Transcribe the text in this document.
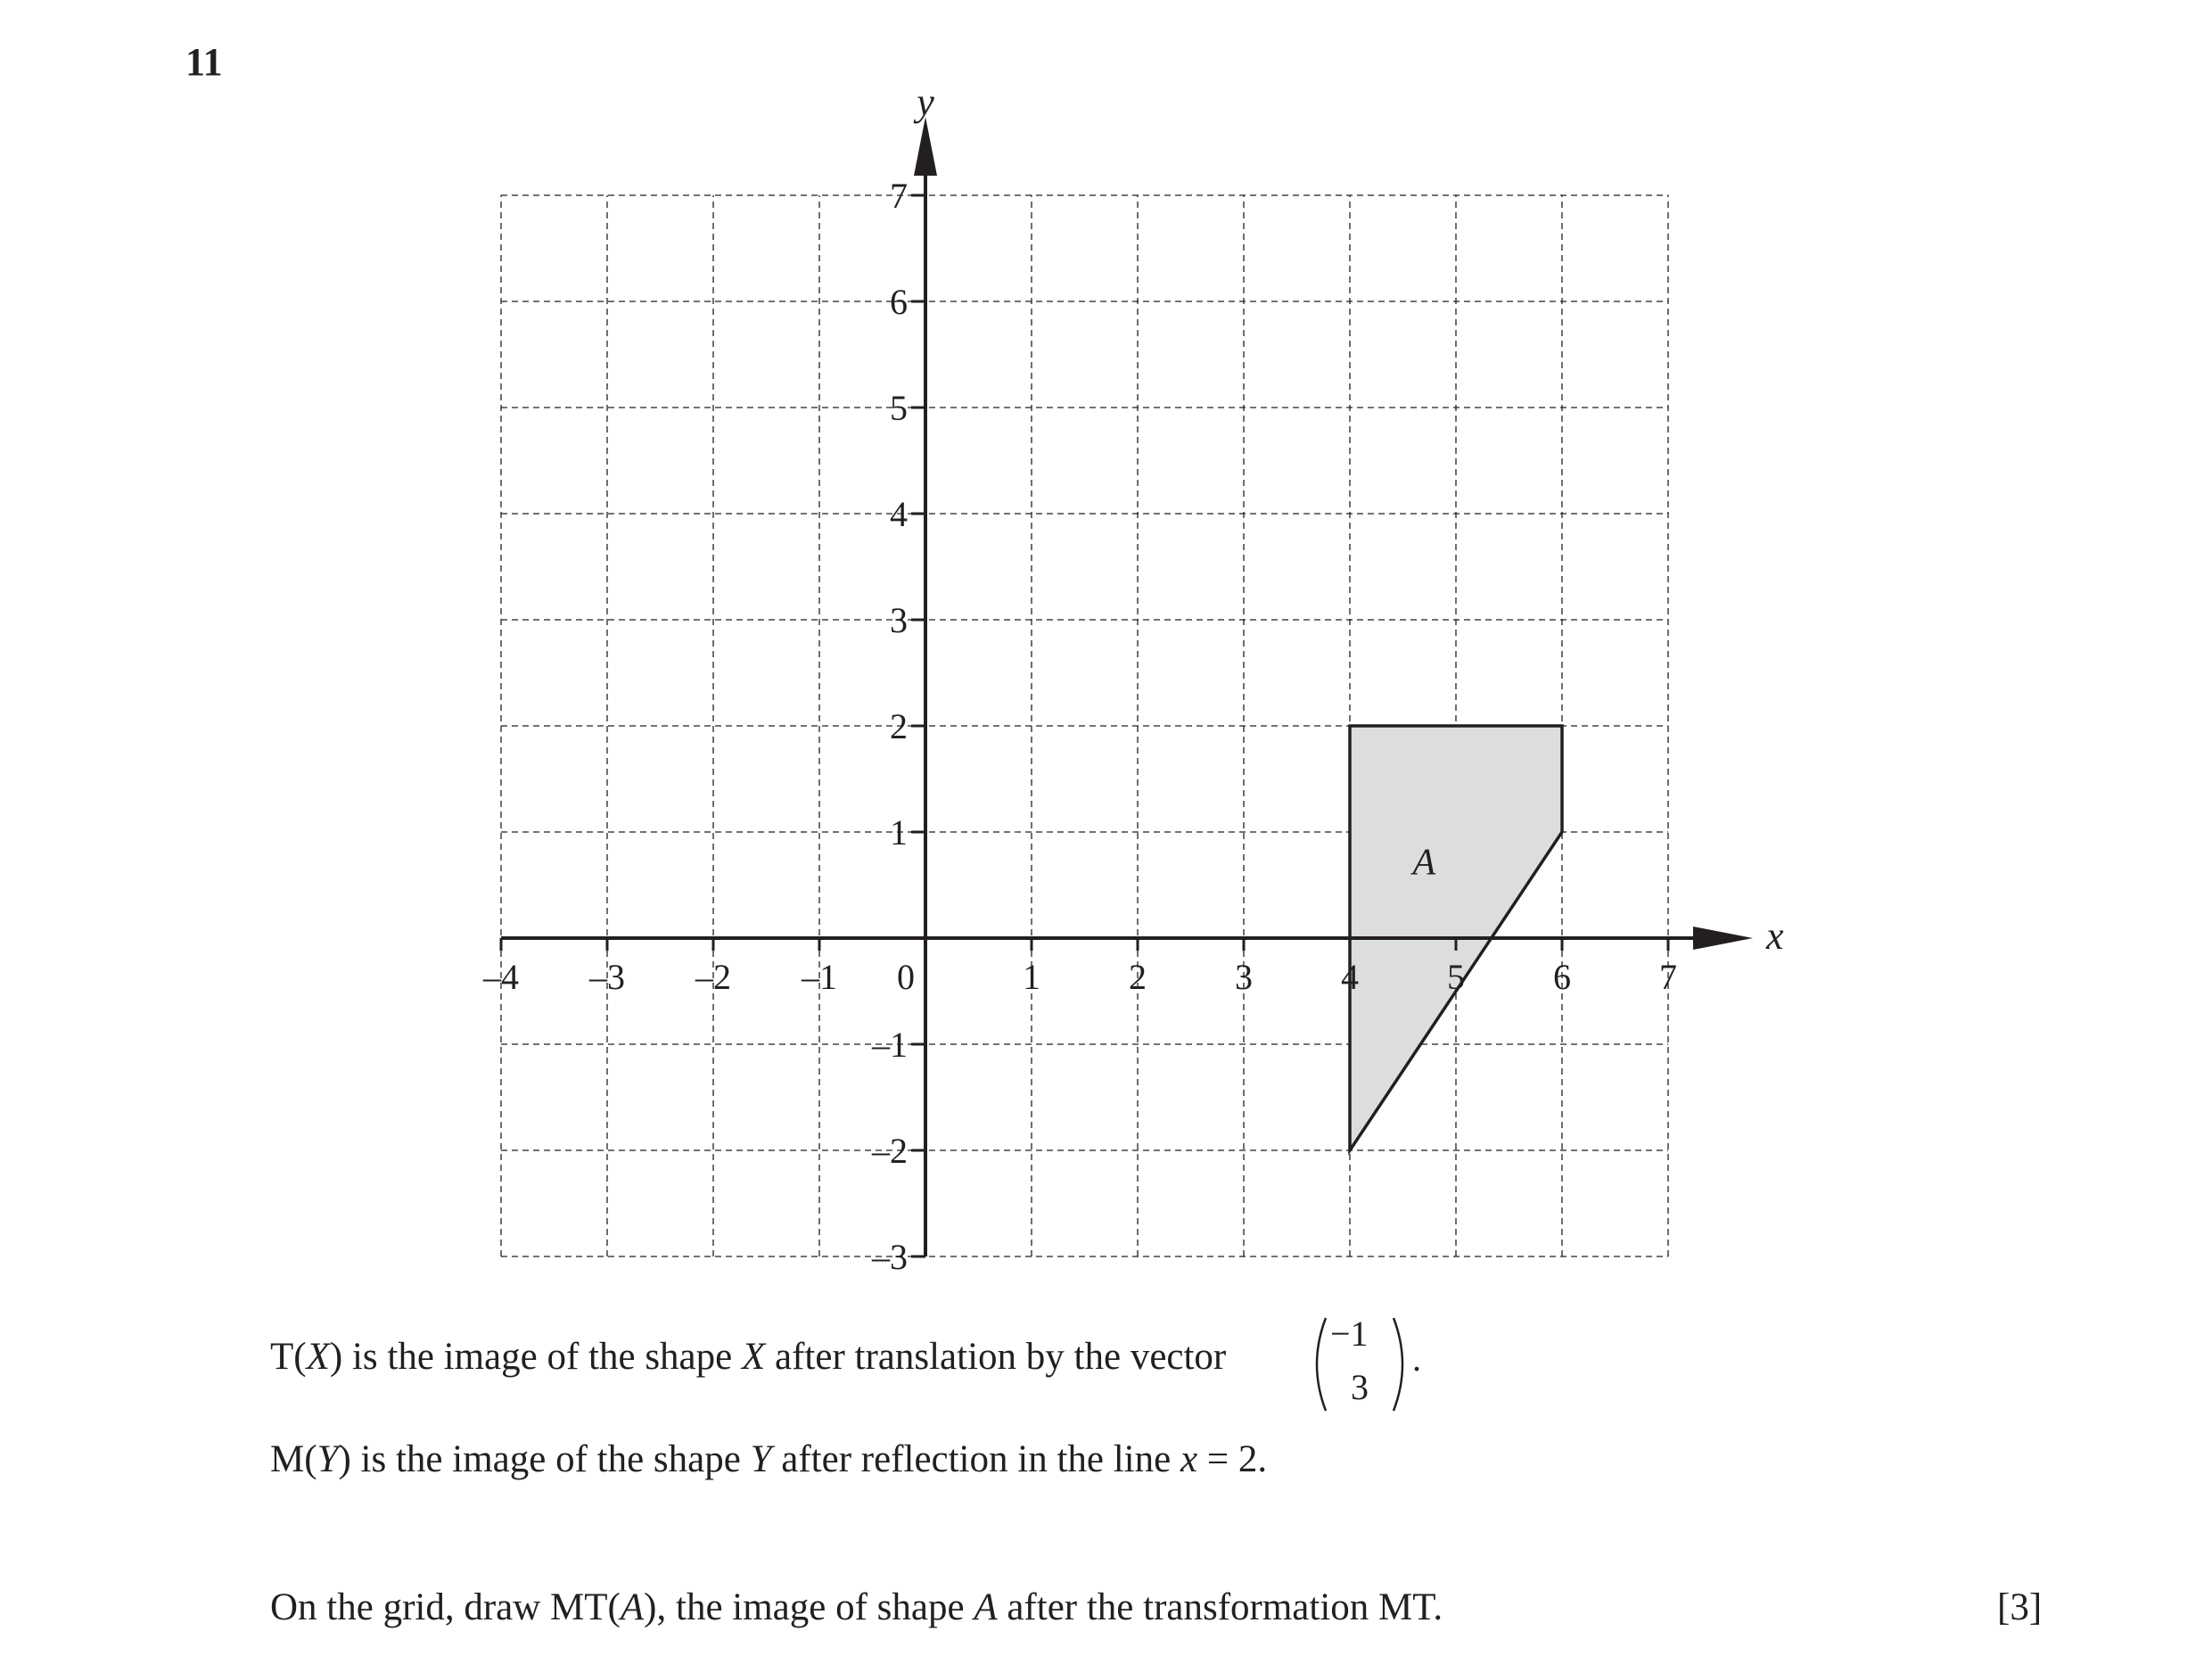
11
–4 –3 –2 –1 0	1 2 3 4 5 6 7
7
6
5
4
3
2
1
–1
–2
–3
A
x
y
T(X) is the image of the shape X after translation by the vector
−1
3
.
M(Y) is the image of the shape Y after reflection in the line x = 2.
On the grid, draw MT(A), the image of shape A after the transformation MT.	[3]
